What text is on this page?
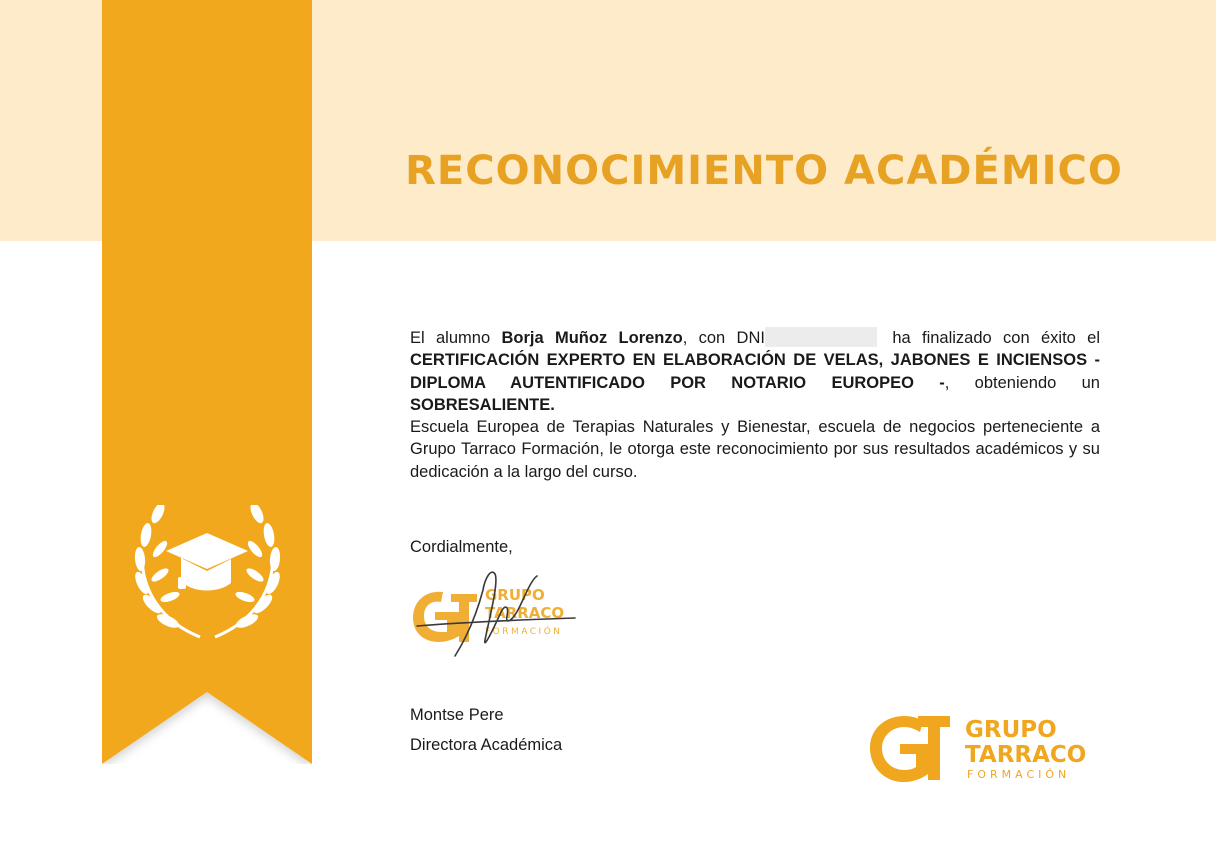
RECONOCIMIENTO ACADÉMICO
El alumno Borja Muñoz Lorenzo, con DNI	ha finalizado con éxito el CERTIFICACIÓN EXPERTO EN ELABORACIÓN DE VELAS, JABONES E INCIENSOS - DIPLOMA AUTENTIFICADO POR NOTARIO EUROPEO -, obteniendo un SOBRESALIENTE.
Escuela Europea de Terapias Naturales y Bienestar, escuela de negocios perteneciente a Grupo Tarraco Formación, le otorga este reconocimiento por sus resultados académicos y su dedicación a la largo del curso.
Cordialmente,
GRUPO
TARRACO
FORMACIÓN
Montse Pere
Directora Académica
GRUPO
TARRACO
FORMACIÓN
